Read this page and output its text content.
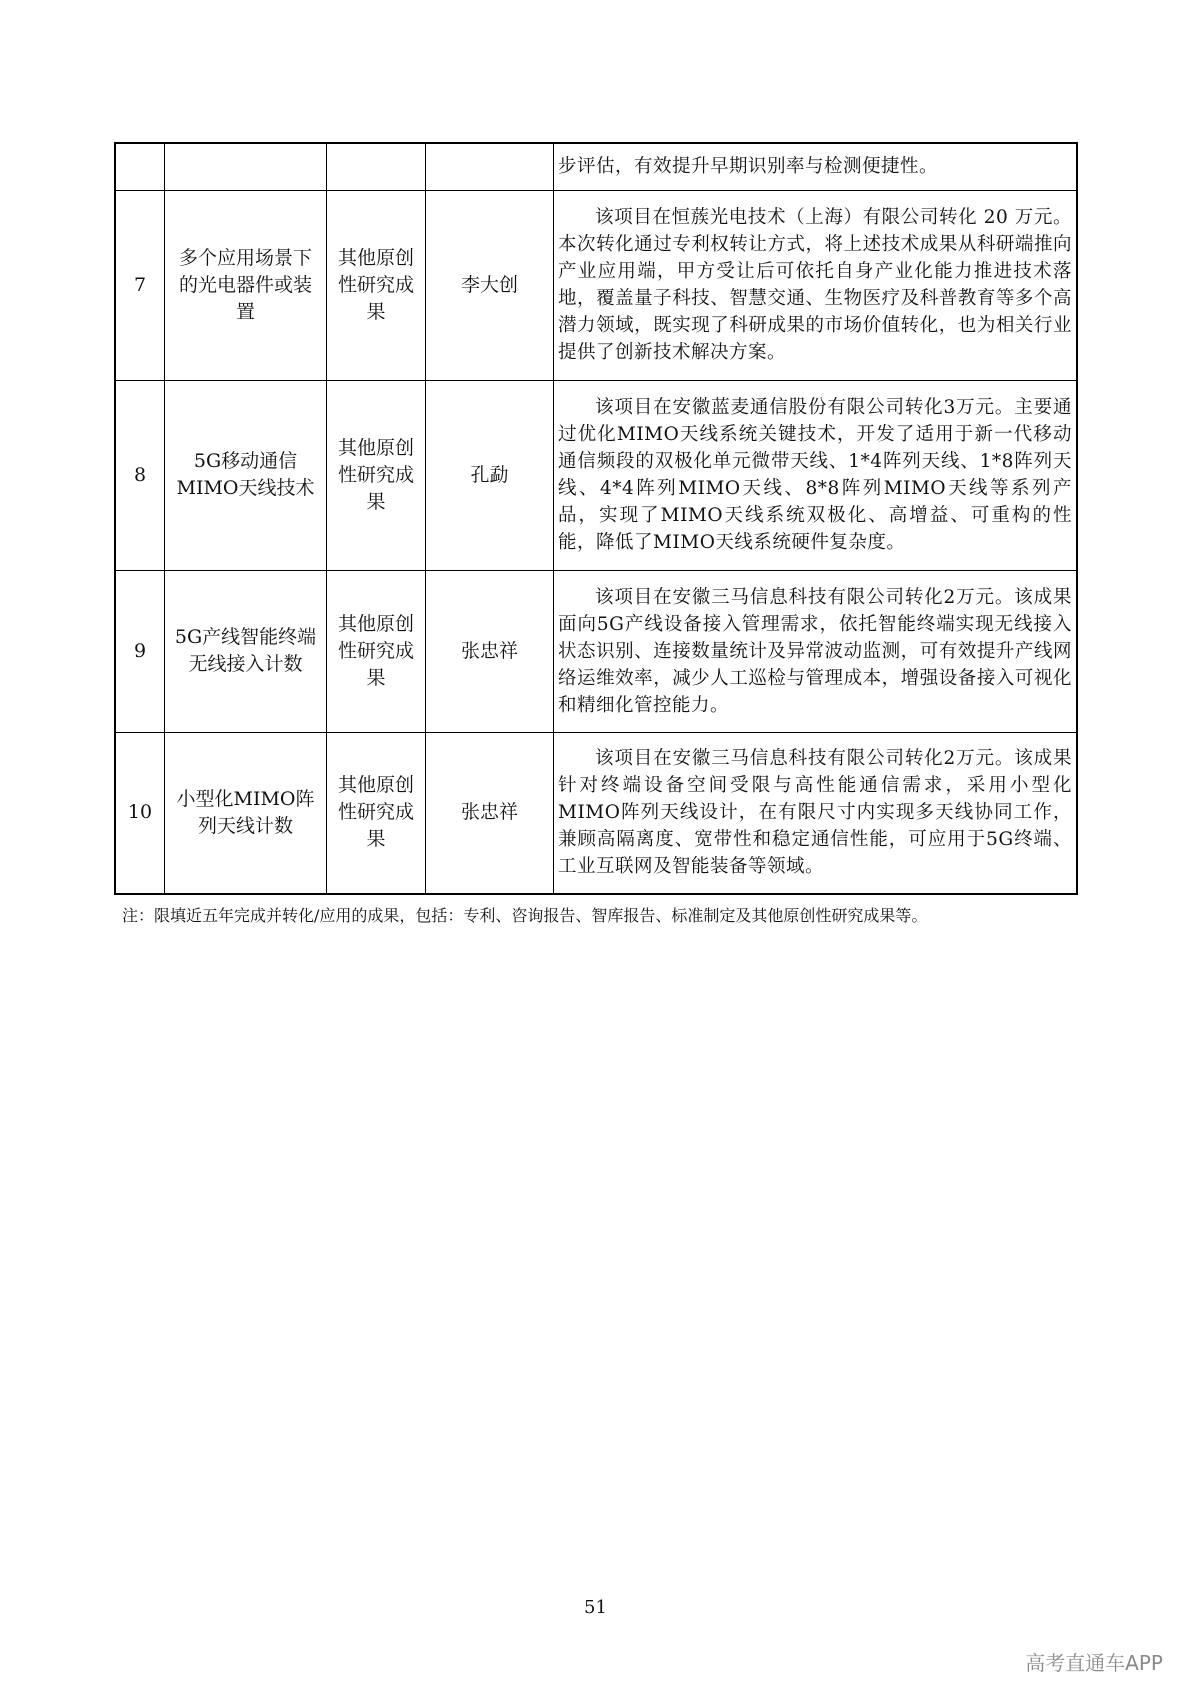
				步评估，有效提升早期识别率与检测便捷性。

7	多个应用场景下的光电器件或装置	其他原创性研究成果	李大创	该项目在恒蔟光电技术（上海）有限公司转化 20 万元。本次转化通过专利权转让方式，将上述技术成果从科研端推向产业应用端，甲方受让后可依托自身产业化能力推进技术落地，覆盖量子科技、智慧交通、生物医疗及科普教育等多个高潜力领域，既实现了科研成果的市场价值转化，也为相关行业提供了创新技术解决方案。

8	5G移动通信MIMO天线技术	其他原创性研究成果	孔勐	该项目在安徽蓝麦通信股份有限公司转化3万元。主要通过优化MIMO天线系统关键技术，开发了适用于新一代移动通信频段的双极化单元微带天线、1*4阵列天线、1*8阵列天线、4*4阵列MIMO天线、8*8阵列MIMO天线等系列产品，实现了MIMO天线系统双极化、高增益、可重构的性能，降低了MIMO天线系统硬件复杂度。

9	5G产线智能终端无线接入计数	其他原创性研究成果	张忠祥	该项目在安徽三马信息科技有限公司转化2万元。该成果面向5G产线设备接入管理需求，依托智能终端实现无线接入状态识别、连接数量统计及异常波动监测，可有效提升产线网络运维效率，减少人工巡检与管理成本，增强设备接入可视化和精细化管控能力。

10	小型化MIMO阵列天线计数	其他原创性研究成果	张忠祥	该项目在安徽三马信息科技有限公司转化2万元。该成果针对终端设备空间受限与高性能通信需求，采用小型化MIMO阵列天线设计，在有限尺寸内实现多天线协同工作，兼顾高隔离度、宽带性和稳定通信性能，可应用于5G终端、工业互联网及智能装备等领域。
注：限填近五年完成并转化/应用的成果，包括：专利、咨询报告、智库报告、标准制定及其他原创性研究成果等。
51
高考直通车APP
